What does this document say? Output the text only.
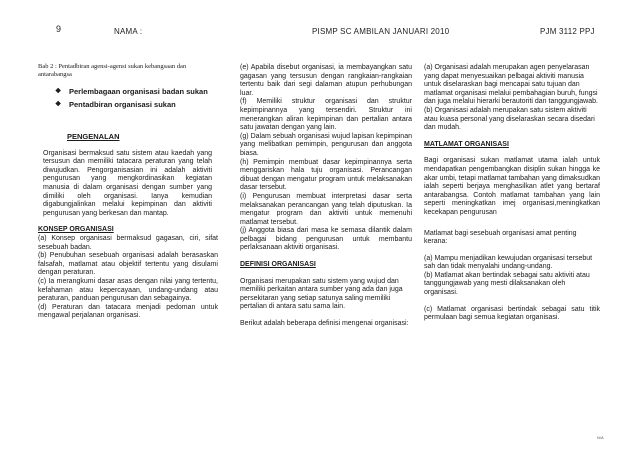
9	NAMA :	PISMP SC AMBILAN JANUARI 2010	PJM 3112 PPJ

Bab 2 : Pentadbiran agensi-agensi sukan kebangsaan dan antarabangsa

❖	Perlembagaan organisasi badan sukan
❖	Pentadbiran organisasi sukan

PENGENALAN

Organisasi bermaksud satu sistem atau kaedah yang tersusun dan memiliki tatacara peraturan yang telah diwujudkan. Pengorganisasian ini adalah aktiviti pengurusan yang mengkordinasikan kegiatan manusia di dalam organisasi dengan sumber yang dimiliki oleh organisasi. Ianya kemudian digabungjalinkan melalui kepimpinan dan aktiviti pengurusan yang berkesan dan mantap.

KONSEP ORGANISASI

(a) Konsep organisasi bermaksud gagasan, ciri, sifat sesebuah badan.

(b) Penubuhan sesebuah organisasi adalah berasaskan falsafah, matlamat atau objektif tertentu yang disulami dengan peraturan.

(c) Ia merangkumi dasar asas dengan nilai yang tertentu, kefahaman atau kepercayaan, undang-undang atau peraturan, panduan pengurusan dan sebagainya.

(d) Peraturan dan tatacara menjadi pedoman untuk mengawal perjalanan organisasi.

(e) Apabila disebut organisasi, ia membayangkan satu gagasan yang tersusun dengan rangkaian-rangkaian tertentu baik dari segi dalaman atupun perhubungan luar.

(f) Memiliki struktur organisasi dan struktur kepimpinannya yang tersendiri. Struktur ini menerangkan aliran kepimpinan dan pertalian antara satu jawatan dengan yang lain.

(g) Dalam sebuah organisasi wujud lapisan kepimpinan yang melibatkan pemimpin, pengurusan dan anggota biasa.

(h) Pemimpin membuat dasar kepimpinannya serta menggariskan hala tuju organisasi. Perancangan dibuat dengan mengatur program untuk melaksanakan dasar tersebut.

(i) Pengurusan membuat interpretasi dasar serta melaksanakan perancangan yang telah diputuskan. Ia mengatur program dan aktiviti untuk memenuhi matlamat tersebut.

(j) Anggota biasa dari masa ke semasa dilantik dalam pelbagai bidang pengurusan untuk membantu perlaksanaan aktiviti organisasi.

DEFINISI ORGANISASI

Organisasi merupakan satu sistem yang wujud dan memiliki perkaitan antara sumber yang ada dan juga persekitaran yang setiap satunya saling memiliki pertalian di antara satu sama lain.

Berikut adalah beberapa definisi mengenai organisasi:

(a) Organisasi adalah merupakan agen penyelarasan yang dapat menyesuaikan pelbagai aktiviti manusia untuk diselaraskan bagi mencapai satu tujuan dan matlamat organisasi melalui pembahagian buruh, fungsi dan juga melalui hierarki berautoriti dan tanggungjawab.

(b) Organisasi adalah merupakan satu sistem aktiviti atau kuasa personal yang diselaraskan secara disedari dan mudah.

MATLAMAT ORGANISASI

Bagi organisasi sukan matlamat utama ialah untuk mendapatkan pengembangkan disiplin sukan hingga ke akar umbi, tetapi matlamat tambahan yang dimaksudkan ialah seperti berjaya menghasilkan atlet yang bertaraf antarabangsa. Contoh matlamat tambahan yang lain seperti meningkatkan imej organisasi,meningkatkan kecekapan pengurusan

Matlamat bagi sesebuah organisasi amat penting kerana:

(a) Mampu menjadikan kewujudan organisasi tersebut sah dan tidak menyalahi undang-undang.

(b) Matlamat akan bertindak sebagai satu aktiviti atau tanggungjawab yang mesti dilaksanakan oleh organisasi.

(c) Matlamat organisasi bertindak sebagai satu titik permulaan bagi semua kegiatan organisasi.

N/A
